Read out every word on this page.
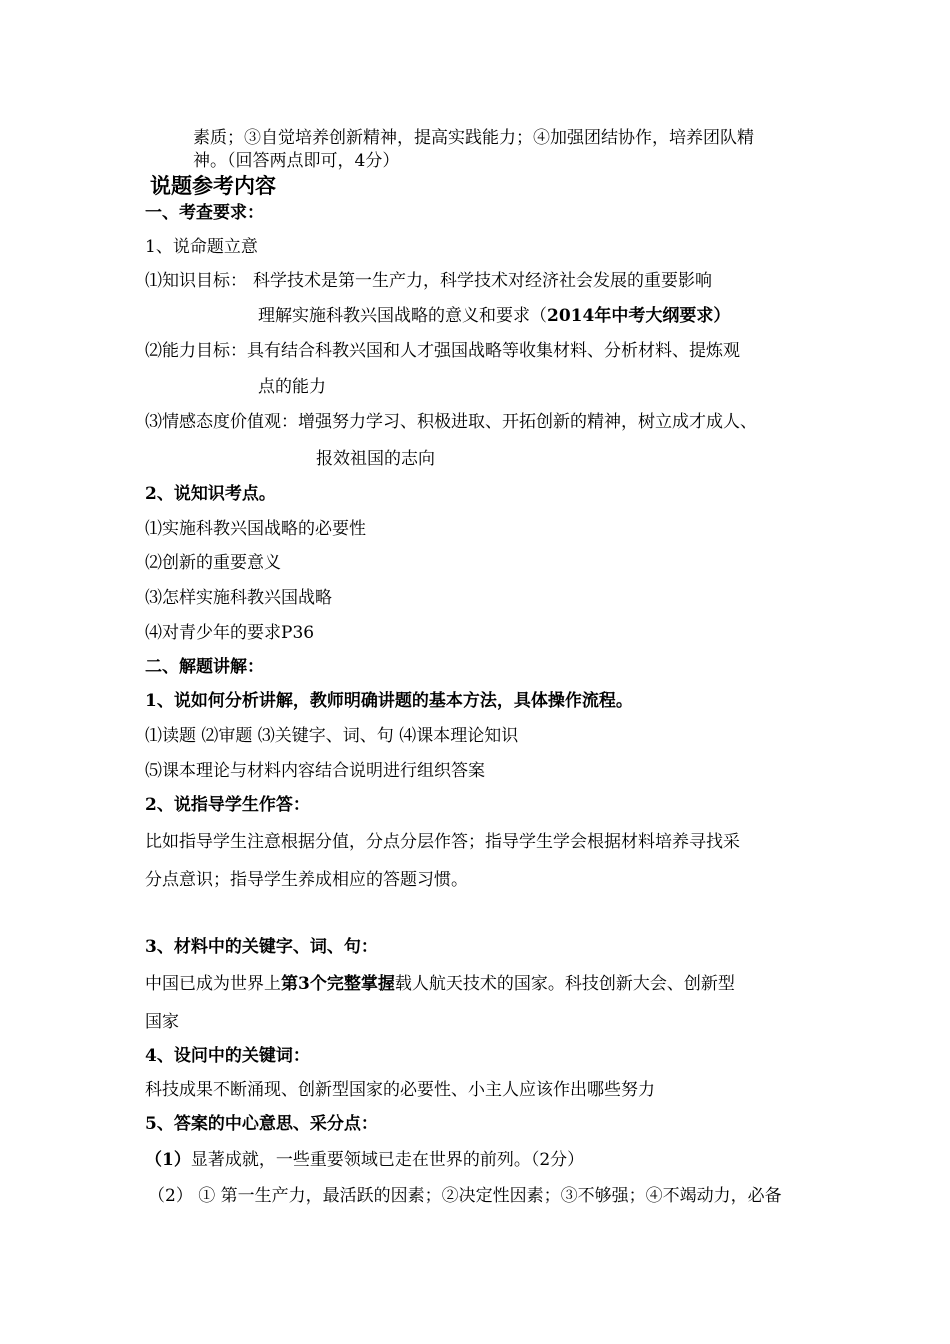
素质；③自觉培养创新精神，提高实践能力；④加强团结协作，培养团队精
神。（回答两点即可，4分）
说题参考内容
一、考查要求：
1、说命题立意
⑴知识目标： 科学技术是第一生产力，科学技术对经济社会发展的重要影响
理解实施科教兴国战略的意义和要求（2014年中考大纲要求）
⑵能力目标：具有结合科教兴国和人才强国战略等收集材料、分析材料、提炼观
点的能力
⑶情感态度价值观：增强努力学习、积极进取、开拓创新的精神，树立成才成人、
报效祖国的志向
2、说知识考点。
⑴实施科教兴国战略的必要性
⑵创新的重要意义
⑶怎样实施科教兴国战略
⑷对青少年的要求P36
二、解题讲解：
1、说如何分析讲解，教师明确讲题的基本方法，具体操作流程。
⑴读题 ⑵审题 ⑶关键字、词、句 ⑷课本理论知识
⑸课本理论与材料内容结合说明进行组织答案
2、说指导学生作答：
比如指导学生注意根据分值，分点分层作答；指导学生学会根据材料培养寻找采
分点意识；指导学生养成相应的答题习惯。
3、材料中的关键字、词、句：
中国已成为世界上第3个完整掌握载人航天技术的国家。科技创新大会、创新型
国家
4、设问中的关键词：
科技成果不断涌现、创新型国家的必要性、小主人应该作出哪些努力
5、答案的中心意思、采分点：
（1）显著成就，一些重要领域已走在世界的前列。（2分）
（2） ① 第一生产力，最活跃的因素；②决定性因素；③不够强；④不竭动力，必备
